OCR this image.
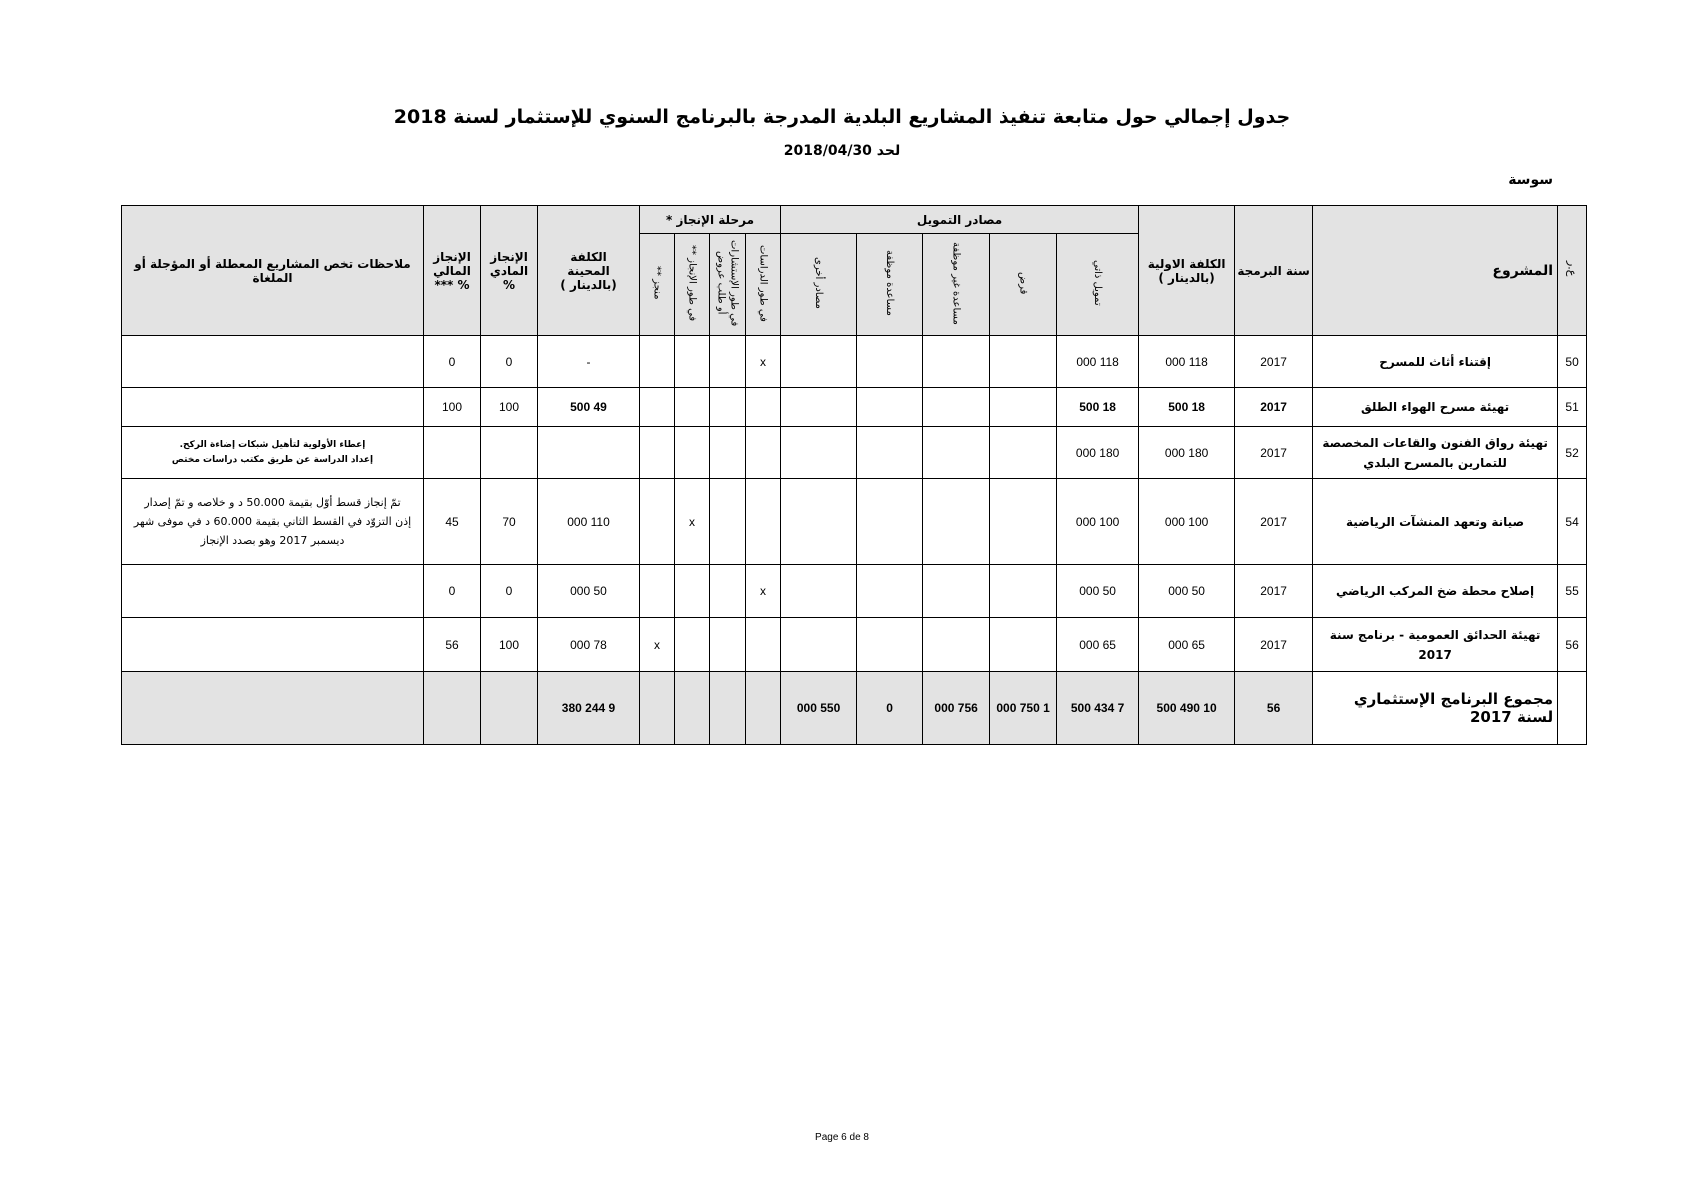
جدول إجمالي حول متابعة تنفيذ المشاريع البلدية المدرجة بالبرنامج السنوي للإستثمار لسنة 2018
لحد 2018/04/30
سوسة
ع.ر	المشروع	سنة البرمجة	الكلفة الاولية (بالدينار )	مصادر التمويل					مرحلة الإنجاز *				الكلفة المحينة (بالدينار )	الإنجاز المادي %	الإنجاز المالي % ***	ملاحظات تخص المشاريع المعطلة أو المؤجلة أو الملغاة
				تمويل ذاتي	قرض	مساعدة غير موظفة	مساعدة موظفة	مصادر أخرى	في طور الدراسات	في طور الإستشارات أو طلب عروض	في طور الإنجاز **	منجز **				
50	إقتناء أثاث للمسرح	2017	118 000	118 000					x				-	0	0	
51	تهيئة مسرح الهواء الطلق	2017	18 500	18 500									49 500	100	100	
52	تهيئة رواق الفنون والقاعات المخصصة للتمارين بالمسرح البلدي	2017	180 000	180 000												إعطاء الأولوية لتأهيل شبكات إضاءة الركح.
إعداد الدراسة عن طريق مكتب دراسات مختص

54	صيانة وتعهد المنشآت الرياضية	2017	100 000	100 000							x		110 000	70	45	تمّ إنجاز قسط أوّل بقيمة 50.000 د و خلاصه و تمّ إصدار
إذن التزوّد في القسط الثاني بقيمة 60.000 د في موفى شهر
ديسمبر 2017 وهو بصدد الإنجاز

55	إصلاح محطة ضخ المركب الرياضي	2017	50 000	50 000					x				50 000	0	0	
56	تهيئة الحدائق العمومية - برنامج سنة 2017	2017	65 000	65 000								x	78 000	100	56	
	مجموع البرنامج الإستثماري لسنة 2017	56	10 490 500	7 434 500	1 750 000	756 000	0	550 000					9 244 380			
Page 6 de 8
